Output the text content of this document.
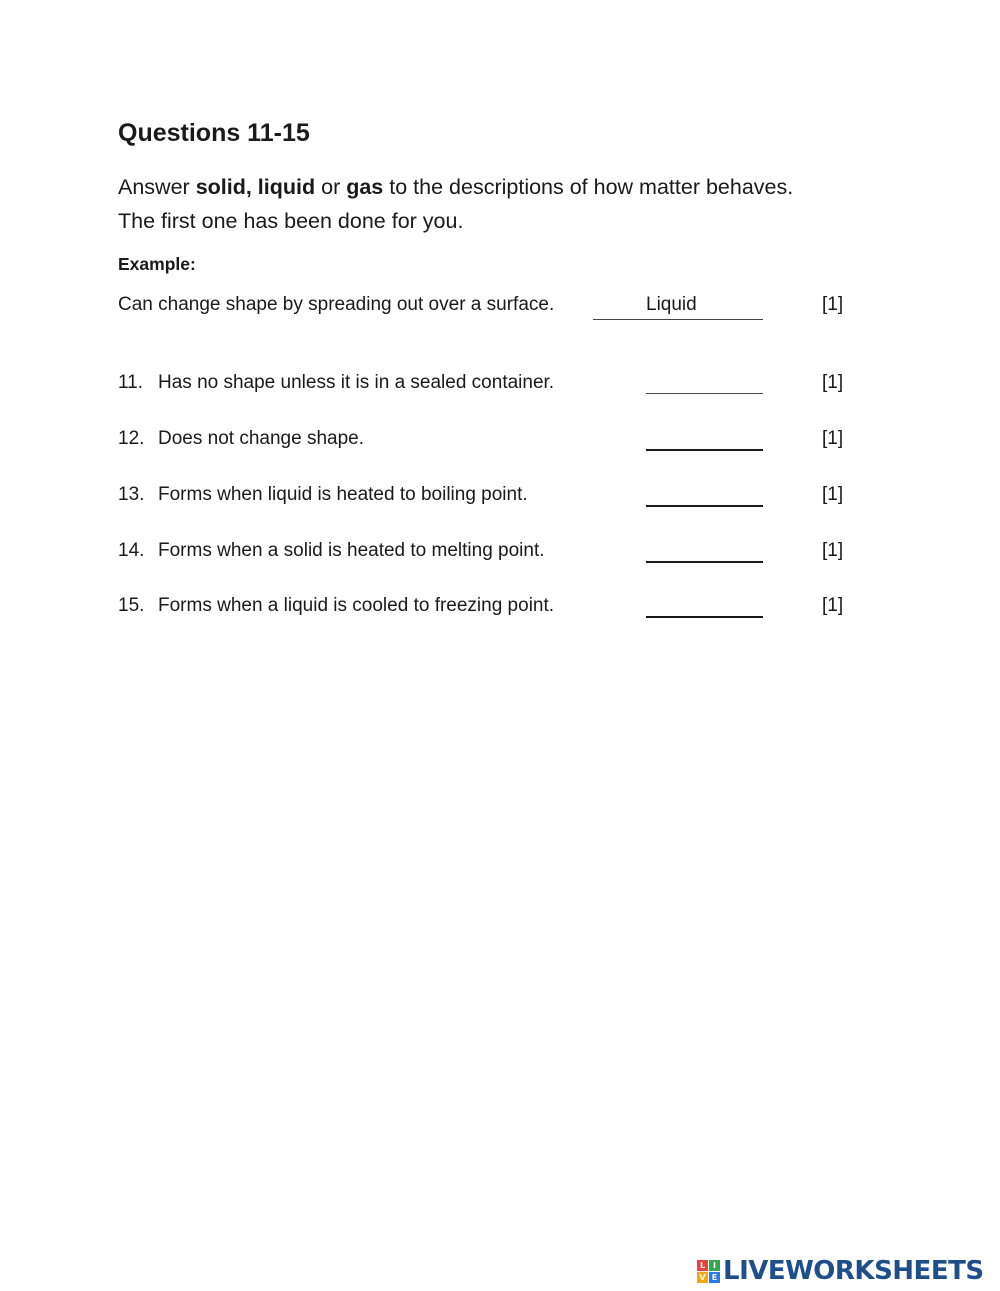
Questions 11-15
Answer solid, liquid or gas to the descriptions of how matter behaves.
The first one has been done for you.
Example:
Can change shape by spreading out over a surface.	Liquid	[1]
11. Has no shape unless it is in a sealed container.	[1]
12. Does not change shape.	[1]
13. Forms when liquid is heated to boiling point.	[1]
14. Forms when a solid is heated to melting point.	[1]
15. Forms when a liquid is cooled to freezing point.	[1]
L I
V E LIVEWORKSHEETS
